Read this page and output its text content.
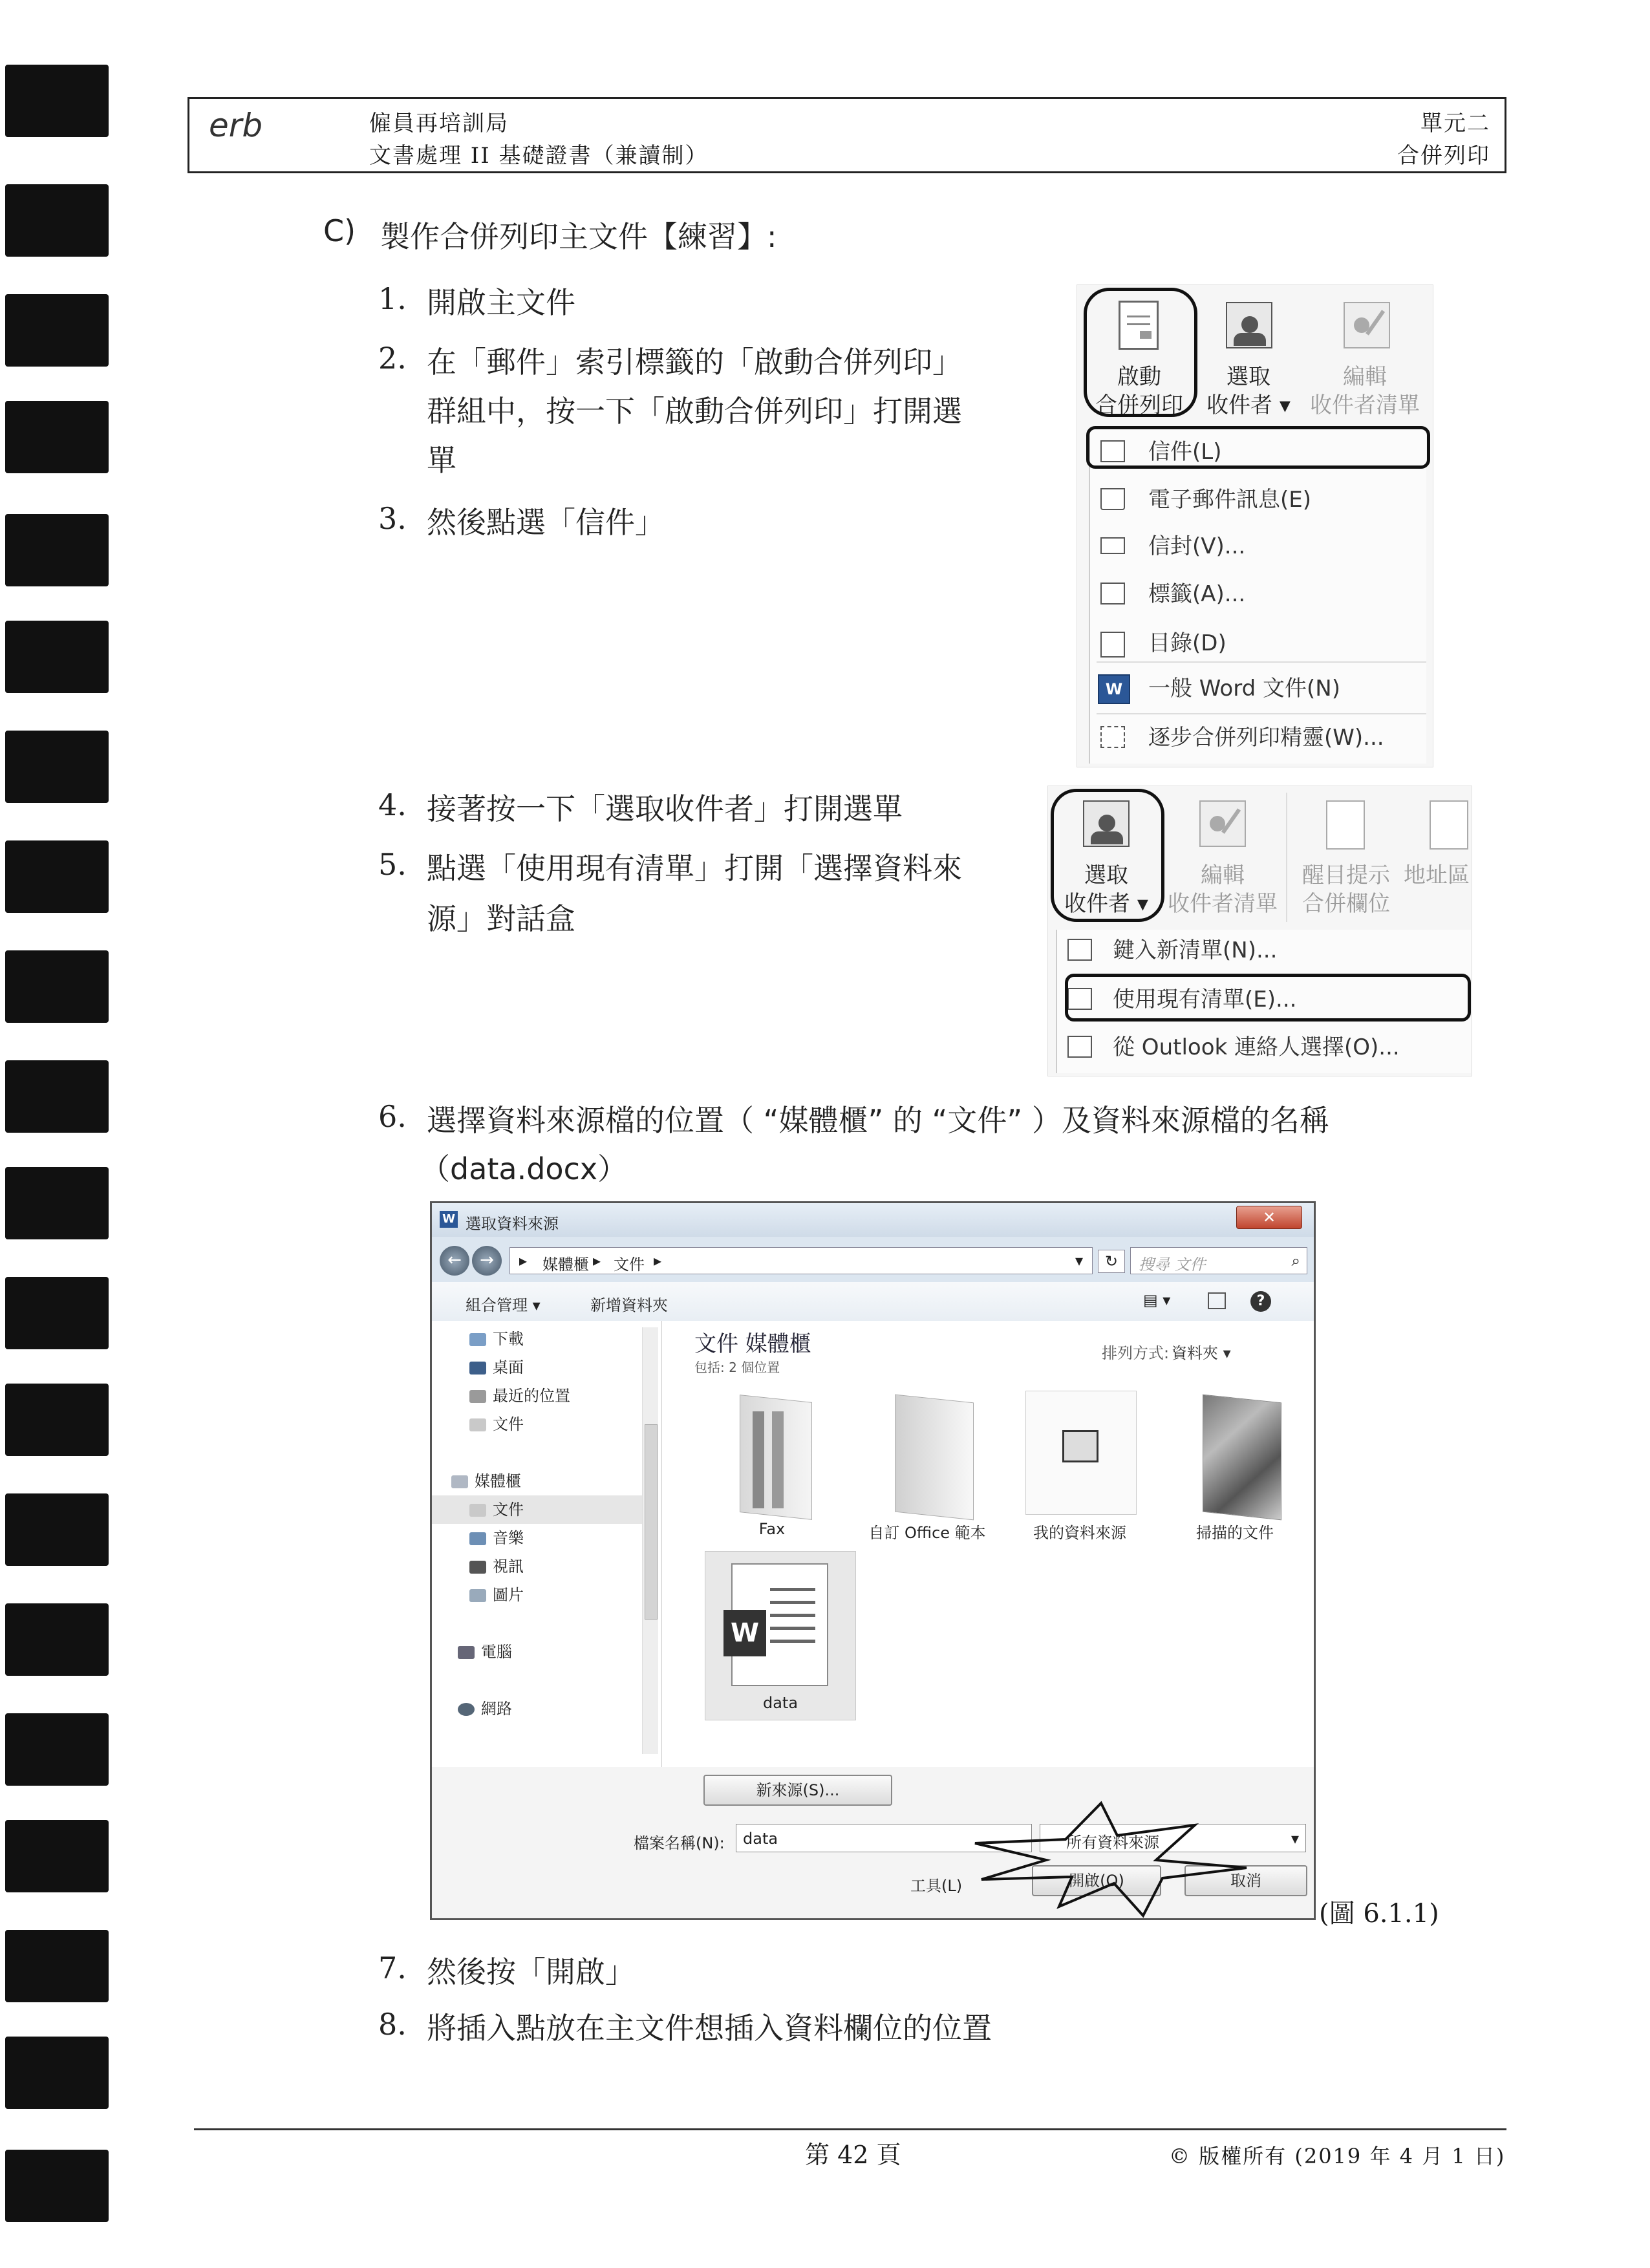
erb	僱員再培訓局
文書處理 II 基礎證書（兼讀制）
單元二
合併列印
C) 製作合併列印主文件【練習】:
1. 開啟主文件
2. 在「郵件」索引標籤的「啟動合併列印」
群組中，按一下「啟動合併列印」打開選
單
3. 然後點選「信件」
啟動
合併列印
選取
收件者 ▾
編輯
收件者清單
信件(L)
電子郵件訊息(E)
信封(V)...
標籤(A)...
目錄(D)
W	一般 Word 文件(N)
逐步合併列印精靈(W)...
4. 接著按一下「選取收件者」打開選單
5. 點選「使用現有清單」打開「選擇資料來
源」對話盒
選取
收件者 ▾
編輯
收件者清單
醒目提示
合併欄位
地址區
鍵入新清單(N)...
使用現有清單(E)...
從 Outlook 連絡人選擇(O)...
6. 選擇資料來源檔的位置（ “媒體櫃” 的 “文件” ）及資料來源檔的名稱
（data.docx）
W 選取資料來源	✕
←	→	▸ 媒體櫃 ▸ 文件 ▸	▾	↻	搜尋 文件	⌕
組合管理 ▾	新增資料夾	▤ ▾	?
下載
桌面
最近的位置
文件
媒體櫃
文件
音樂
視訊
圖片
電腦
網路
文件 媒體櫃
包括: 2 個位置
排列方式: 資料夾 ▾
Fax	自訂 Office 範本	我的資料來源	掃描的文件
W
data
新來源(S)...
檔案名稱(N): data	所有資料來源	▾
工具(L)	開啟(O)	取消
(圖 6.1.1)
7. 然後按「開啟」
8. 將插入點放在主文件想插入資料欄位的位置
第 42 頁	© 版權所有 (2019 年 4 月 1 日)
